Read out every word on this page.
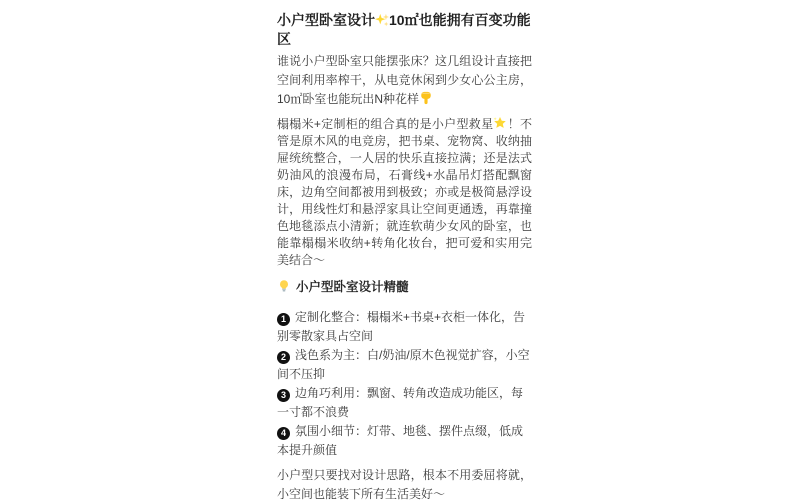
小户型卧室设计 10㎡也能拥有百变功能区

谁说小户型卧室只能摆张床？这几组设计直接把空间利用率榨干，从电竞休闲到少女心公主房，10㎡卧室也能玩出N种花样

榻榻米+定制柜的组合真的是小户型救星 ！不管是原木风的电竞房，把书桌、宠物窝、收纳抽屉统统整合，一人居的快乐直接拉满；还是法式奶油风的浪漫布局，石膏线+水晶吊灯搭配飘窗床，边角空间都被用到极致；亦或是极简悬浮设计，用线性灯和悬浮家具让空间更通透，再靠撞色地毯添点小清新；就连软萌少女风的卧室，也能靠榻榻米收纳+转角化妆台，把可爱和实用完美结合～

小户型卧室设计精髓

1 定制化整合：榻榻米+书桌+衣柜一体化，告别零散家具占空间

2 浅色系为主：白/奶油/原木色视觉扩容，小空间不压抑

3 边角巧利用：飘窗、转角改造成功能区，每一寸都不浪费

4 氛围小细节：灯带、地毯、摆件点缀，低成本提升颜值

小户型只要找对设计思路，根本不用委屈将就，小空间也能装下所有生活美好～
